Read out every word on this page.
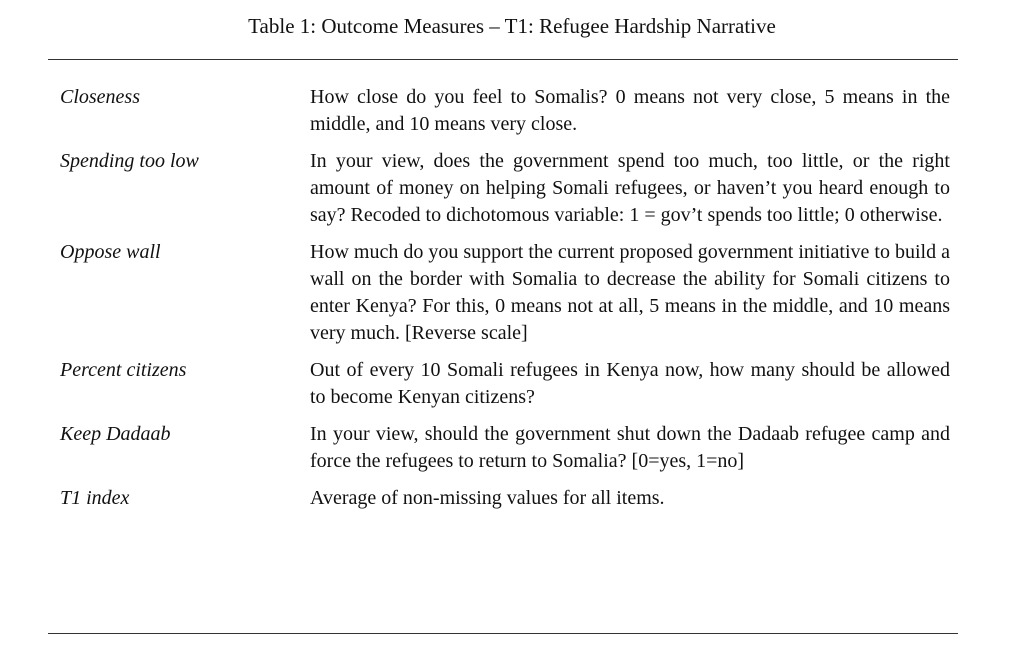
Table 1: Outcome Measures – T1: Refugee Hardship Narrative
Closeness	How close do you feel to Somalis? 0 means not very close, 5 means in the middle, and 10 means very close.
Spending too low	In your view, does the government spend too much, too little, or the right amount of money on helping Somali refugees, or haven’t you heard enough to say? Recoded to dichotomous variable: 1 = gov’t spends too little; 0 otherwise.
Oppose wall	How much do you support the current proposed government initiative to build a wall on the border with Somalia to decrease the ability for Somali citizens to enter Kenya? For this, 0 means not at all, 5 means in the middle, and 10 means very much. [Reverse scale]
Percent citizens	Out of every 10 Somali refugees in Kenya now, how many should be allowed to become Kenyan citizens?
Keep Dadaab	In your view, should the government shut down the Dadaab refugee camp and force the refugees to return to Somalia? [0=yes, 1=no]
T1 index	Average of non-missing values for all items.
